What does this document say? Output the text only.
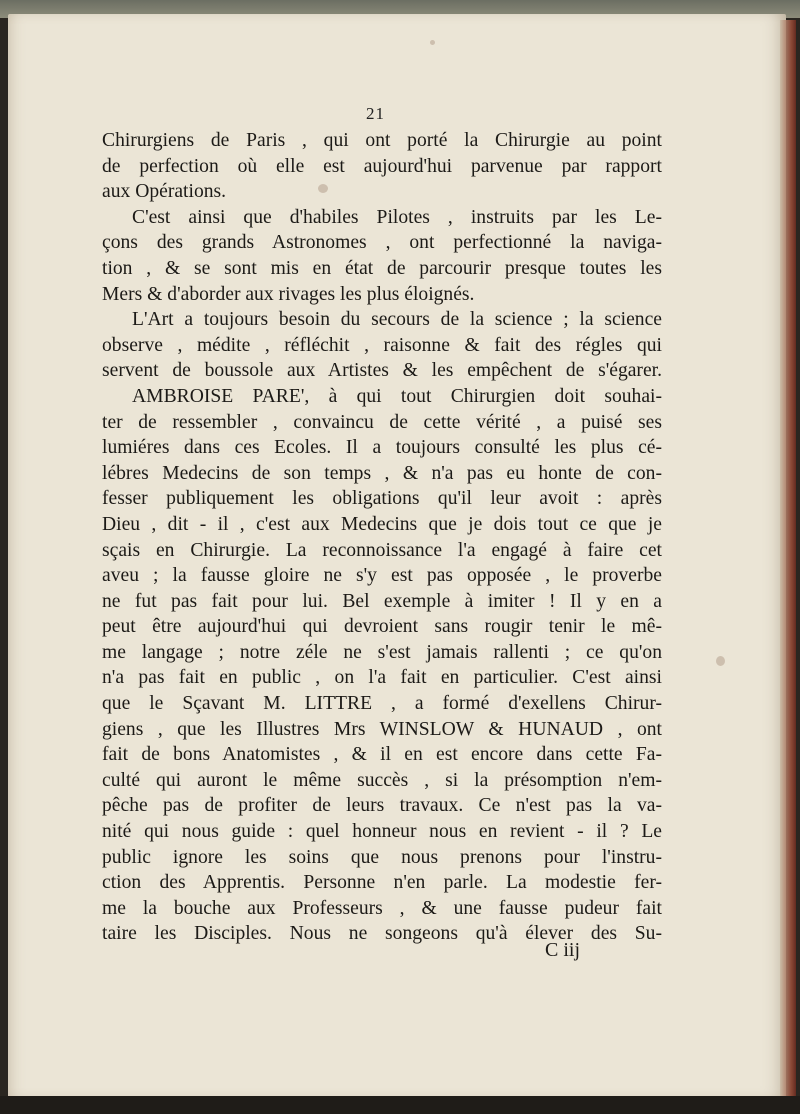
21
Chirurgiens de Paris , qui ont porté la Chirurgie au point
de perfection où elle est aujourd'hui parvenue par rapport
aux Opérations.
C'est ainsi que d'habiles Pilotes , instruits par les Le-
çons des grands Astronomes , ont perfectionné la naviga-
tion , & se sont mis en état de parcourir presque toutes les
Mers & d'aborder aux rivages les plus éloignés.
L'Art a toujours besoin du secours de la science ; la science
observe , médite , réfléchit , raisonne & fait des régles qui
servent de boussole aux Artistes & les empêchent de s'égarer.
AMBROISE PARE', à qui tout Chirurgien doit souhai-
ter de ressembler , convaincu de cette vérité , a puisé ses
lumiéres dans ces Ecoles. Il a toujours consulté les plus cé-
lébres Medecins de son temps , & n'a pas eu honte de con-
fesser publiquement les obligations qu'il leur avoit : après
Dieu , dit - il , c'est aux Medecins que je dois tout ce que je
sçais en Chirurgie. La reconnoissance l'a engagé à faire cet
aveu ; la fausse gloire ne s'y est pas opposée , le proverbe
ne fut pas fait pour lui. Bel exemple à imiter ! Il y en a
peut être aujourd'hui qui devroient sans rougir tenir le mê-
me langage ; notre zéle ne s'est jamais rallenti ; ce qu'on
n'a pas fait en public , on l'a fait en particulier. C'est ainsi
que le Sçavant M. LITTRE , a formé d'exellens Chirur-
giens , que les Illustres Mrs WINSLOW & HUNAUD , ont
fait de bons Anatomistes , & il en est encore dans cette Fa-
culté qui auront le même succès , si la présomption n'em-
pêche pas de profiter de leurs travaux. Ce n'est pas la va-
nité qui nous guide : quel honneur nous en revient - il ? Le
public ignore les soins que nous prenons pour l'instru-
ction des Apprentis. Personne n'en parle. La modestie fer-
me la bouche aux Professeurs , & une fausse pudeur fait
taire les Disciples. Nous ne songeons qu'à élever des Su-
C iij
